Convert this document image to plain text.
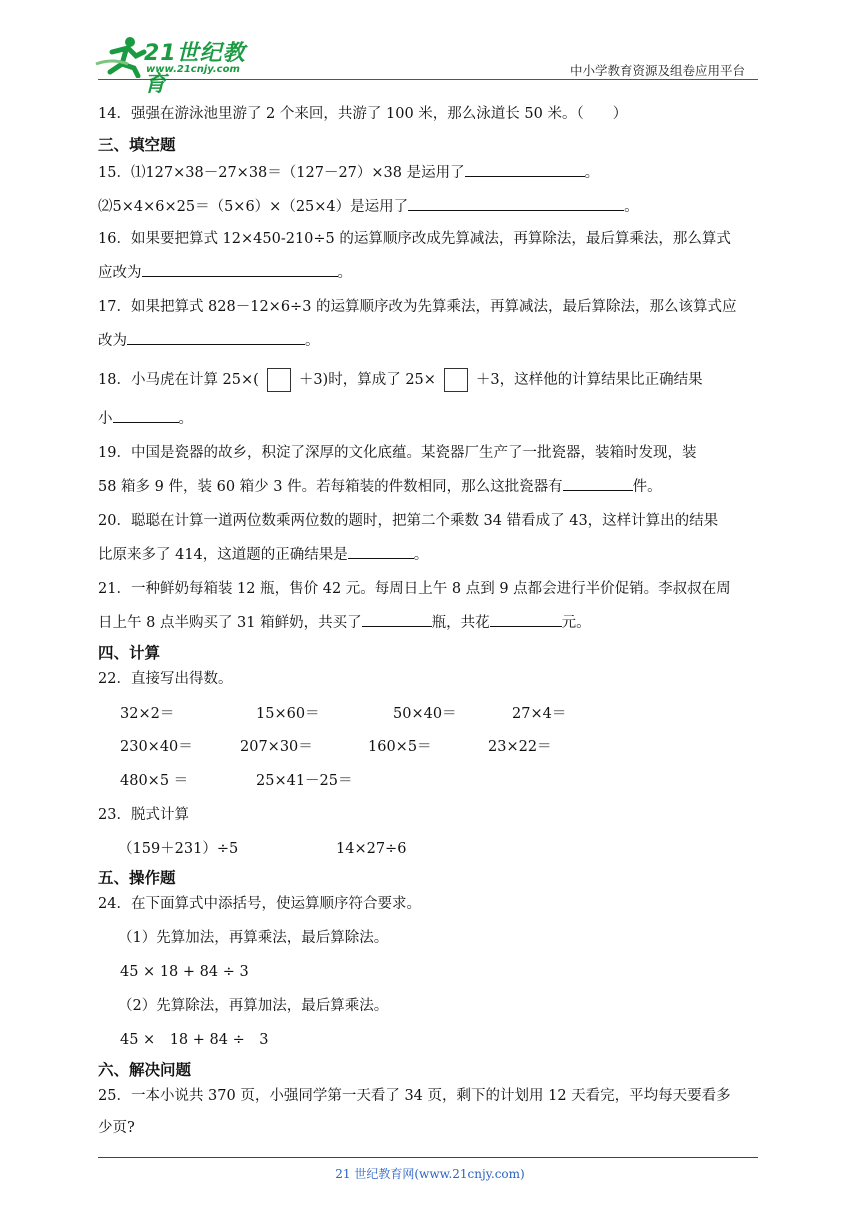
21世纪教育
www.21cnjy.com	中小学教育资源及组卷应用平台
14．强强在游泳池里游了 2 个来回，共游了 100 米，那么泳道长 50 米。（　　）
三、填空题
15．⑴127×38－27×38＝（127－27）×38 是运用了	。
⑵5×4×6×25＝（5×6）×（25×4）是运用了	。
16．如果要把算式 12×450-210÷5 的运算顺序改成先算减法，再算除法，最后算乘法，那么算式
应改为	。
17．如果把算式 828－12×6÷3 的运算顺序改为先算乘法，再算减法，最后算除法，那么该算式应
改为	。
18．小马虎在计算 25×(	＋3)时，算成了 25×	＋3，这样他的计算结果比正确结果
小	。
19．中国是瓷器的故乡，积淀了深厚的文化底蕴。某瓷器厂生产了一批瓷器，装箱时发现，装
58 箱多 9 件，装 60 箱少 3 件。若每箱装的件数相同，那么这批瓷器有	件。
20．聪聪在计算一道两位数乘两位数的题时，把第二个乘数 34 错看成了 43，这样计算出的结果
比原来多了 414，这道题的正确结果是	。
21．一种鲜奶每箱装 12 瓶，售价 42 元。每周日上午 8 点到 9 点都会进行半价促销。李叔叔在周
日上午 8 点半购买了 31 箱鲜奶，共买了	瓶，共花	元。
四、计算
22．直接写出得数。
32×2＝	15×60＝	50×40＝	27×4＝
230×40＝	207×30＝	160×5＝	23×22＝
480×5 ＝	25×41－25＝
23．脱式计算
（159＋231）÷5	14×27÷6
五、操作题
24．在下面算式中添括号，使运算顺序符合要求。
（1）先算加法，再算乘法，最后算除法。
45 × 18 + 84 ÷ 3
（2）先算除法，再算加法，最后算乘法。
45 ×　18 + 84 ÷　3
六、解决问题
25．一本小说共 370 页，小强同学第一天看了 34 页，剩下的计划用 12 天看完，平均每天要看多
少页?
21 世纪教育网(www.21cnjy.com)
